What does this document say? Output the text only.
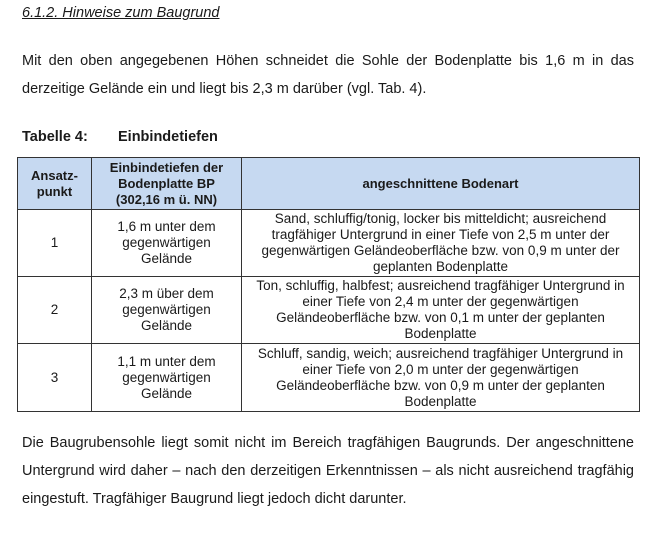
6.1.2. Hinweise zum Baugrund
Mit den oben angegebenen Höhen schneidet die Sohle der Bodenplatte bis 1,6 m in das derzeitige Gelände ein und liegt bis 2,3 m darüber (vgl. Tab. 4).
Tabelle 4: Einbindetiefen
Ansatz-punkt	Einbindetiefen der Bodenplatte BP (302,16 m ü. NN)	angeschnittene Bodenart
1	1,6 m unter dem gegenwärtigen Gelände	Sand, schluffig/tonig, locker bis mitteldicht; ausreichend tragfähiger Untergrund in einer Tiefe von 2,5 m unter der gegenwärtigen Geländeoberfläche bzw. von 0,9 m unter der geplanten Bodenplatte
2	2,3 m über dem gegenwärtigen Gelände	Ton, schluffig, halbfest; ausreichend tragfähiger Untergrund in einer Tiefe von 2,4 m unter der gegenwärtigen Geländeoberfläche bzw. von 0,1 m unter der geplanten Bodenplatte
3	1,1 m unter dem gegenwärtigen Gelände	Schluff, sandig, weich; ausreichend tragfähiger Untergrund in einer Tiefe von 2,0 m unter der gegenwärtigen Geländeoberfläche bzw. von 0,9 m unter der geplanten Bodenplatte
Die Baugrubensohle liegt somit nicht im Bereich tragfähigen Baugrunds. Der angeschnittene Untergrund wird daher – nach den derzeitigen Erkenntnissen – als nicht ausreichend tragfähig eingestuft. Tragfähiger Baugrund liegt jedoch dicht darunter.
